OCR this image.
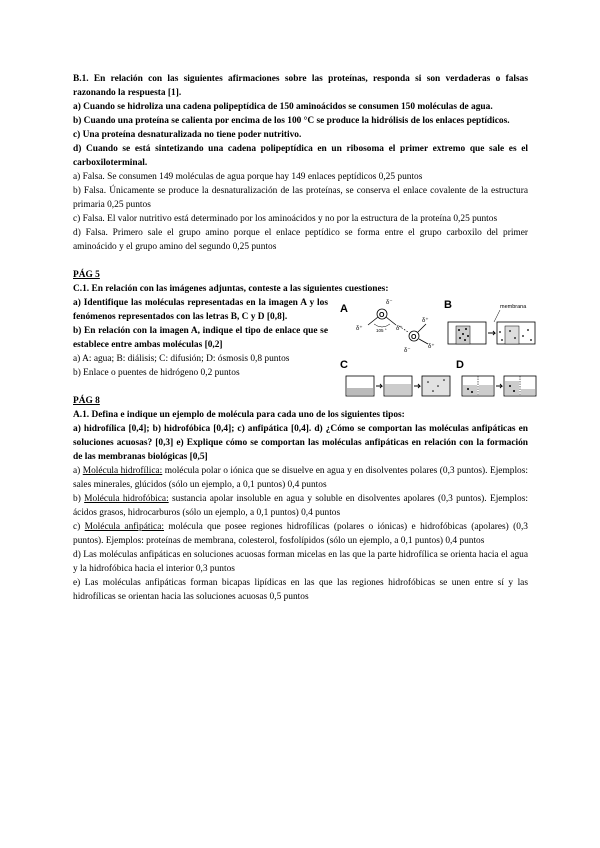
B.1. En relación con las siguientes afirmaciones sobre las proteínas, responda si son verdaderas o falsas razonando la respuesta [1].

a) Cuando se hidroliza una cadena polipeptídica de 150 aminoácidos se consumen 150 moléculas de agua.

b) Cuando una proteína se calienta por encima de los 100 °C se produce la hidrólisis de los enlaces peptídicos.

c) Una proteína desnaturalizada no tiene poder nutritivo.

d) Cuando se está sintetizando una cadena polipeptídica en un ribosoma el primer extremo que sale es el carboxiloterminal.

a) Falsa. Se consumen 149 moléculas de agua porque hay 149 enlaces peptídicos 0,25 puntos

b) Falsa. Únicamente se produce la desnaturalización de las proteínas, se conserva el enlace covalente de la estructura primaria 0,25 puntos

c) Falsa. El valor nutritivo está determinado por los aminoácidos y no por la estructura de la proteína 0,25 puntos

d) Falsa. Primero sale el grupo amino porque el enlace peptídico se forma entre el grupo carboxilo del primer aminoácido y el grupo amino del segundo 0,25 puntos

PÁG 5

C.1. En relación con las imágenes adjuntas, conteste a las siguientes cuestiones:

a) Identifique las moléculas representadas en la imagen A y los fenómenos representados con las letras B, C y D [0,8].

b) En relación con la imagen A, indique el tipo de enlace que se establece entre ambas moléculas [0,2]

a) A: agua; B: diálisis; C: difusión; D: ósmosis 0,8 puntos

b) Enlace o puentes de hidrógeno 0,2 puntos

A
O
δ⁻
δ⁺	δ⁺
105 °
O
δ⁺
δ⁺
δ⁻
B	membrana
C	D

PÁG 8

A.1. Defina e indique un ejemplo de molécula para cada uno de los siguientes tipos:

a) hidrofílica [0,4]; b) hidrofóbica [0,4]; c) anfipática [0,4]. d) ¿Cómo se comportan las moléculas anfipáticas en soluciones acuosas? [0,3] e) Explique cómo se comportan las moléculas anfipáticas en relación con la formación de las membranas biológicas [0,5]

a) Molécula hidrofílica: molécula polar o iónica que se disuelve en agua y en disolventes polares (0,3 puntos). Ejemplos: sales minerales, glúcidos (sólo un ejemplo, a 0,1 puntos) 0,4 puntos

b) Molécula hidrofóbica: sustancia apolar insoluble en agua y soluble en disolventes apolares (0,3 puntos). Ejemplos: ácidos grasos, hidrocarburos (sólo un ejemplo, a 0,1 puntos) 0,4 puntos

c) Molécula anfipática: molécula que posee regiones hidrofílicas (polares o iónicas) e hidrofóbicas (apolares) (0,3 puntos). Ejemplos: proteínas de membrana, colesterol, fosfolípidos (sólo un ejemplo, a 0,1 puntos) 0,4 puntos

d) Las moléculas anfipáticas en soluciones acuosas forman micelas en las que la parte hidrofílica se orienta hacia el agua y la hidrofóbica hacia el interior 0,3 puntos

e) Las moléculas anfipáticas forman bicapas lipídicas en las que las regiones hidrofóbicas se unen entre sí y las hidrofílicas se orientan hacia las soluciones acuosas 0,5 puntos
